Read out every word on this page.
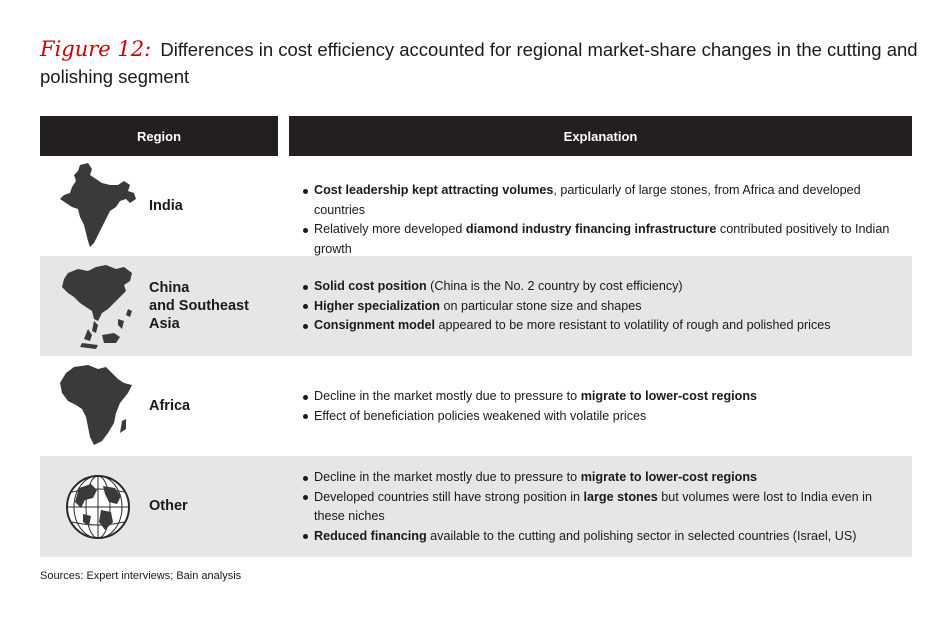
Figure 12: Differences in cost efficiency accounted for regional market-share changes in the cutting and polishing segment
Region	Explanation
India
Cost leadership kept attracting volumes, particularly of large stones, from Africa and developed countries
Relatively more developed diamond industry financing infrastructure contributed positively to Indian growth
China
and Southeast
Asia
Solid cost position (China is the No. 2 country by cost efficiency)
Higher specialization on particular stone size and shapes
Consignment model appeared to be more resistant to volatility of rough and polished prices
Africa
Decline in the market mostly due to pressure to migrate to lower-cost regions
Effect of beneficiation policies weakened with volatile prices
Other
Decline in the market mostly due to pressure to migrate to lower-cost regions
Developed countries still have strong position in large stones but volumes were lost to India even in these niches
Reduced financing available to the cutting and polishing sector in selected countries (Israel, US)
Sources: Expert interviews; Bain analysis
